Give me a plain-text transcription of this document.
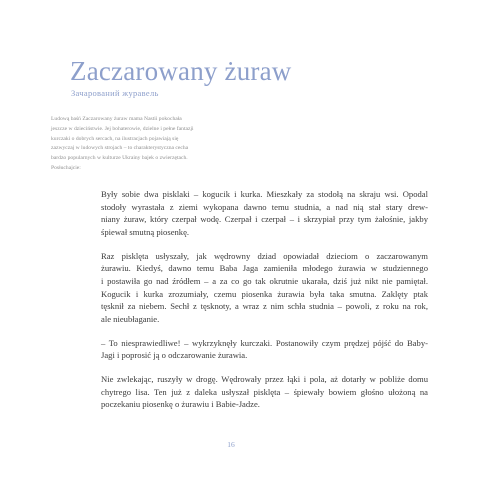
Zaczarowany żuraw
Зачарований журавель
Ludową baśń Zaczarowany żuraw mama Nastii pokochała
jeszcze w dzieciństwie. Jej bohaterowie, dzielne i pełne fantazji
kurczaki o dobrych sercach, na ilustracjach pojawiają się
zazwyczaj w ludowych strojach – to charakterystyczna cecha
bardzo popularnych w kulturze Ukrainy bajek o zwierzętach.
Posłuchajcie:

Były sobie dwa pisklaki – kogucik i kurka. Mieszkały za stodołą na skraju wsi. Opodal
stodoły wyrastała z ziemi wykopana dawno temu studnia, a nad nią stał stary drew-
niany żuraw, który czerpał wodę. Czerpał i czerpał – i skrzypiał przy tym żałośnie, jakby
śpiewał smutną piosenkę.

Raz pisklęta usłyszały, jak wędrowny dziad opowiadał dzieciom o zaczarowanym
żurawiu. Kiedyś, dawno temu Baba Jaga zamieniła młodego żurawia w studziennego
i postawiła go nad źródłem – a za co go tak okrutnie ukarała, dziś już nikt nie pamiętał.
Kogucik i kurka zrozumiały, czemu piosenka żurawia była taka smutna. Zaklęty ptak
tęsknił za niebem. Sechł z tęsknoty, a wraz z nim schła studnia – powoli, z roku na rok,
ale nieubłaganie.

– To niesprawiedliwe! – wykrzyknęły kurczaki. Postanowiły czym prędzej pójść do Baby-
Jagi i poprosić ją o odczarowanie żurawia.

Nie zwlekając, ruszyły w drogę. Wędrowały przez łąki i pola, aż dotarły w pobliże domu
chytrego lisa. Ten już z daleka usłyszał pisklęta – śpiewały bowiem głośno ułożoną na
poczekaniu piosenkę o żurawiu i Babie-Jadze.

16
